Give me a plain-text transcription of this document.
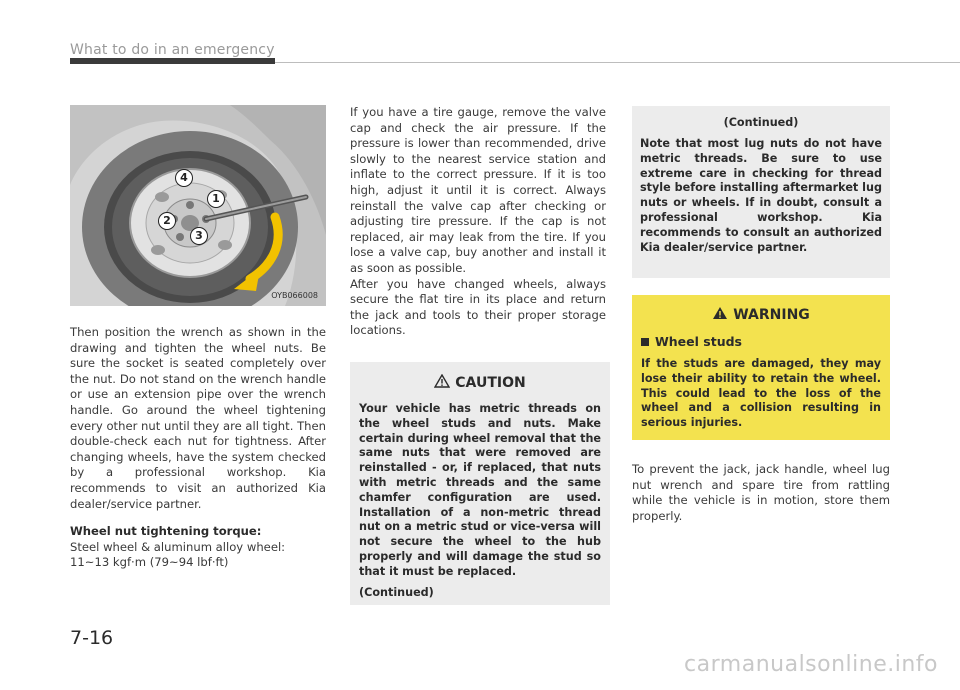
What to do in an emergency
1
2
3
4
OYB066008

Then position the wrench as shown in the drawing and tighten the wheel nuts. Be sure the socket is seated completely over the nut. Do not stand on the wrench handle or use an extension pipe over the wrench handle. Go around the wheel tightening every other nut until they are all tight. Then double-check each nut for tightness. After changing wheels, have the system checked by a professional workshop. Kia recommends to visit an authorized Kia dealer/service partner.

Wheel nut tightening torque:

Steel wheel & aluminum alloy wheel:

11~13 kgf·m (79~94 lbf·ft)

If you have a tire gauge, remove the valve cap and check the air pressure. If the pressure is lower than recommended, drive slowly to the nearest service station and inflate to the correct pressure. If it is too high, adjust it until it is correct. Always reinstall the valve cap after checking or adjusting tire pressure. If the cap is not replaced, air may leak from the tire. If you lose a valve cap, buy another and install it as soon as possible.

After you have changed wheels, always secure the flat tire in its place and return the jack and tools to their proper storage locations.

CAUTION
Your vehicle has metric threads on the wheel studs and nuts. Make certain during wheel removal that the same nuts that were removed are reinstalled - or, if replaced, that nuts with metric threads and the same chamfer configuration are used. Installation of a non-metric thread nut on a metric stud or vice-versa will not secure the wheel to the hub properly and will damage the stud so that it must be replaced.
(Continued)
(Continued)
Note that most lug nuts do not have metric threads. Be sure to use extreme care in checking for thread style before installing aftermarket lug nuts or wheels. If in doubt, consult a professional workshop. Kia recommends to consult an authorized Kia dealer/service partner.
WARNING
Wheel studs
If the studs are damaged, they may lose their ability to retain the wheel. This could lead to the loss of the wheel and a collision resulting in serious injuries.

To prevent the jack, jack handle, wheel lug nut wrench and spare tire from rattling while the vehicle is in motion, store them properly.

7-16
carmanualsonline.info
